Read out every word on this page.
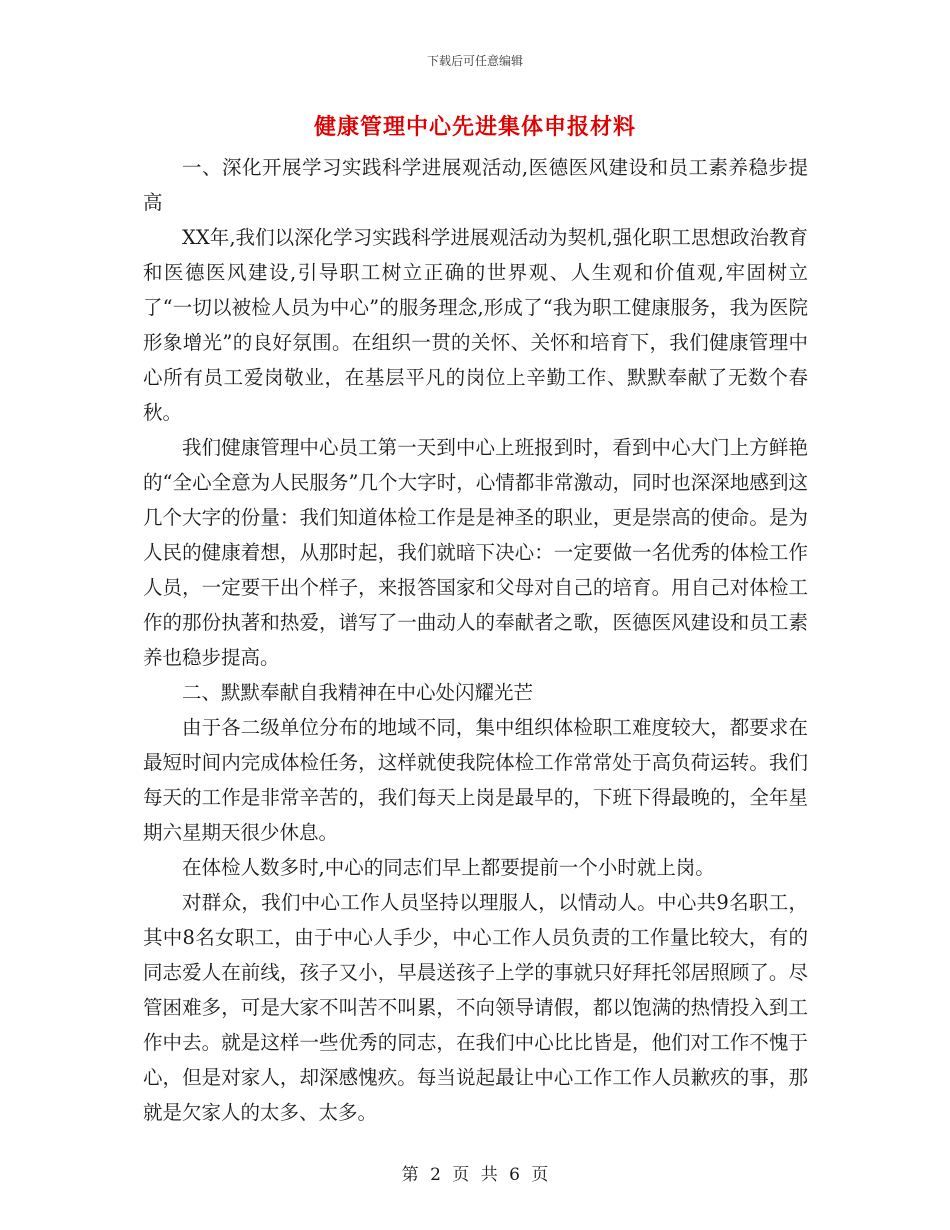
下载后可任意编辑
健康管理中心先进集体申报材料

一、深化开展学习实践科学进展观活动,医德医风建设和员工素养稳步提高

XX年,我们以深化学习实践科学进展观活动为契机,强化职工思想政治教育和医德医风建设,引导职工树立正确的世界观、人生观和价值观,牢固树立了“一切以被检人员为中心”的服务理念,形成了“我为职工健康服务，我为医院形象增光”的良好氛围。在组织一贯的关怀、关怀和培育下，我们健康管理中心所有员工爱岗敬业，在基层平凡的岗位上辛勤工作、默默奉献了无数个春秋。

我们健康管理中心员工第一天到中心上班报到时，看到中心大门上方鲜艳的“全心全意为人民服务”几个大字时，心情都非常激动，同时也深深地感到这几个大字的份量：我们知道体检工作是是神圣的职业，更是崇高的使命。是为人民的健康着想，从那时起，我们就暗下决心：一定要做一名优秀的体检工作人员，一定要干出个样子，来报答国家和父母对自己的培育。用自己对体检工作的那份执著和热爱，谱写了一曲动人的奉献者之歌，医德医风建设和员工素养也稳步提高。

二、默默奉献自我精神在中心处闪耀光芒

由于各二级单位分布的地域不同，集中组织体检职工难度较大，都要求在最短时间内完成体检任务，这样就使我院体检工作常常处于高负荷运转。我们每天的工作是非常辛苦的，我们每天上岗是最早的，下班下得最晚的，全年星期六星期天很少休息。

在体检人数多时,中心的同志们早上都要提前一个小时就上岗。

对群众，我们中心工作人员坚持以理服人，以情动人。中心共9名职工，其中8名女职工，由于中心人手少，中心工作人员负责的工作量比较大，有的同志爱人在前线，孩子又小，早晨送孩子上学的事就只好拜托邻居照顾了。尽管困难多，可是大家不叫苦不叫累，不向领导请假，都以饱满的热情投入到工作中去。就是这样一些优秀的同志，在我们中心比比皆是，他们对工作不愧于心，但是对家人，却深感愧疚。每当说起最让中心工作工作人员歉疚的事，那就是欠家人的太多、太多。

第 2 页 共 6 页
